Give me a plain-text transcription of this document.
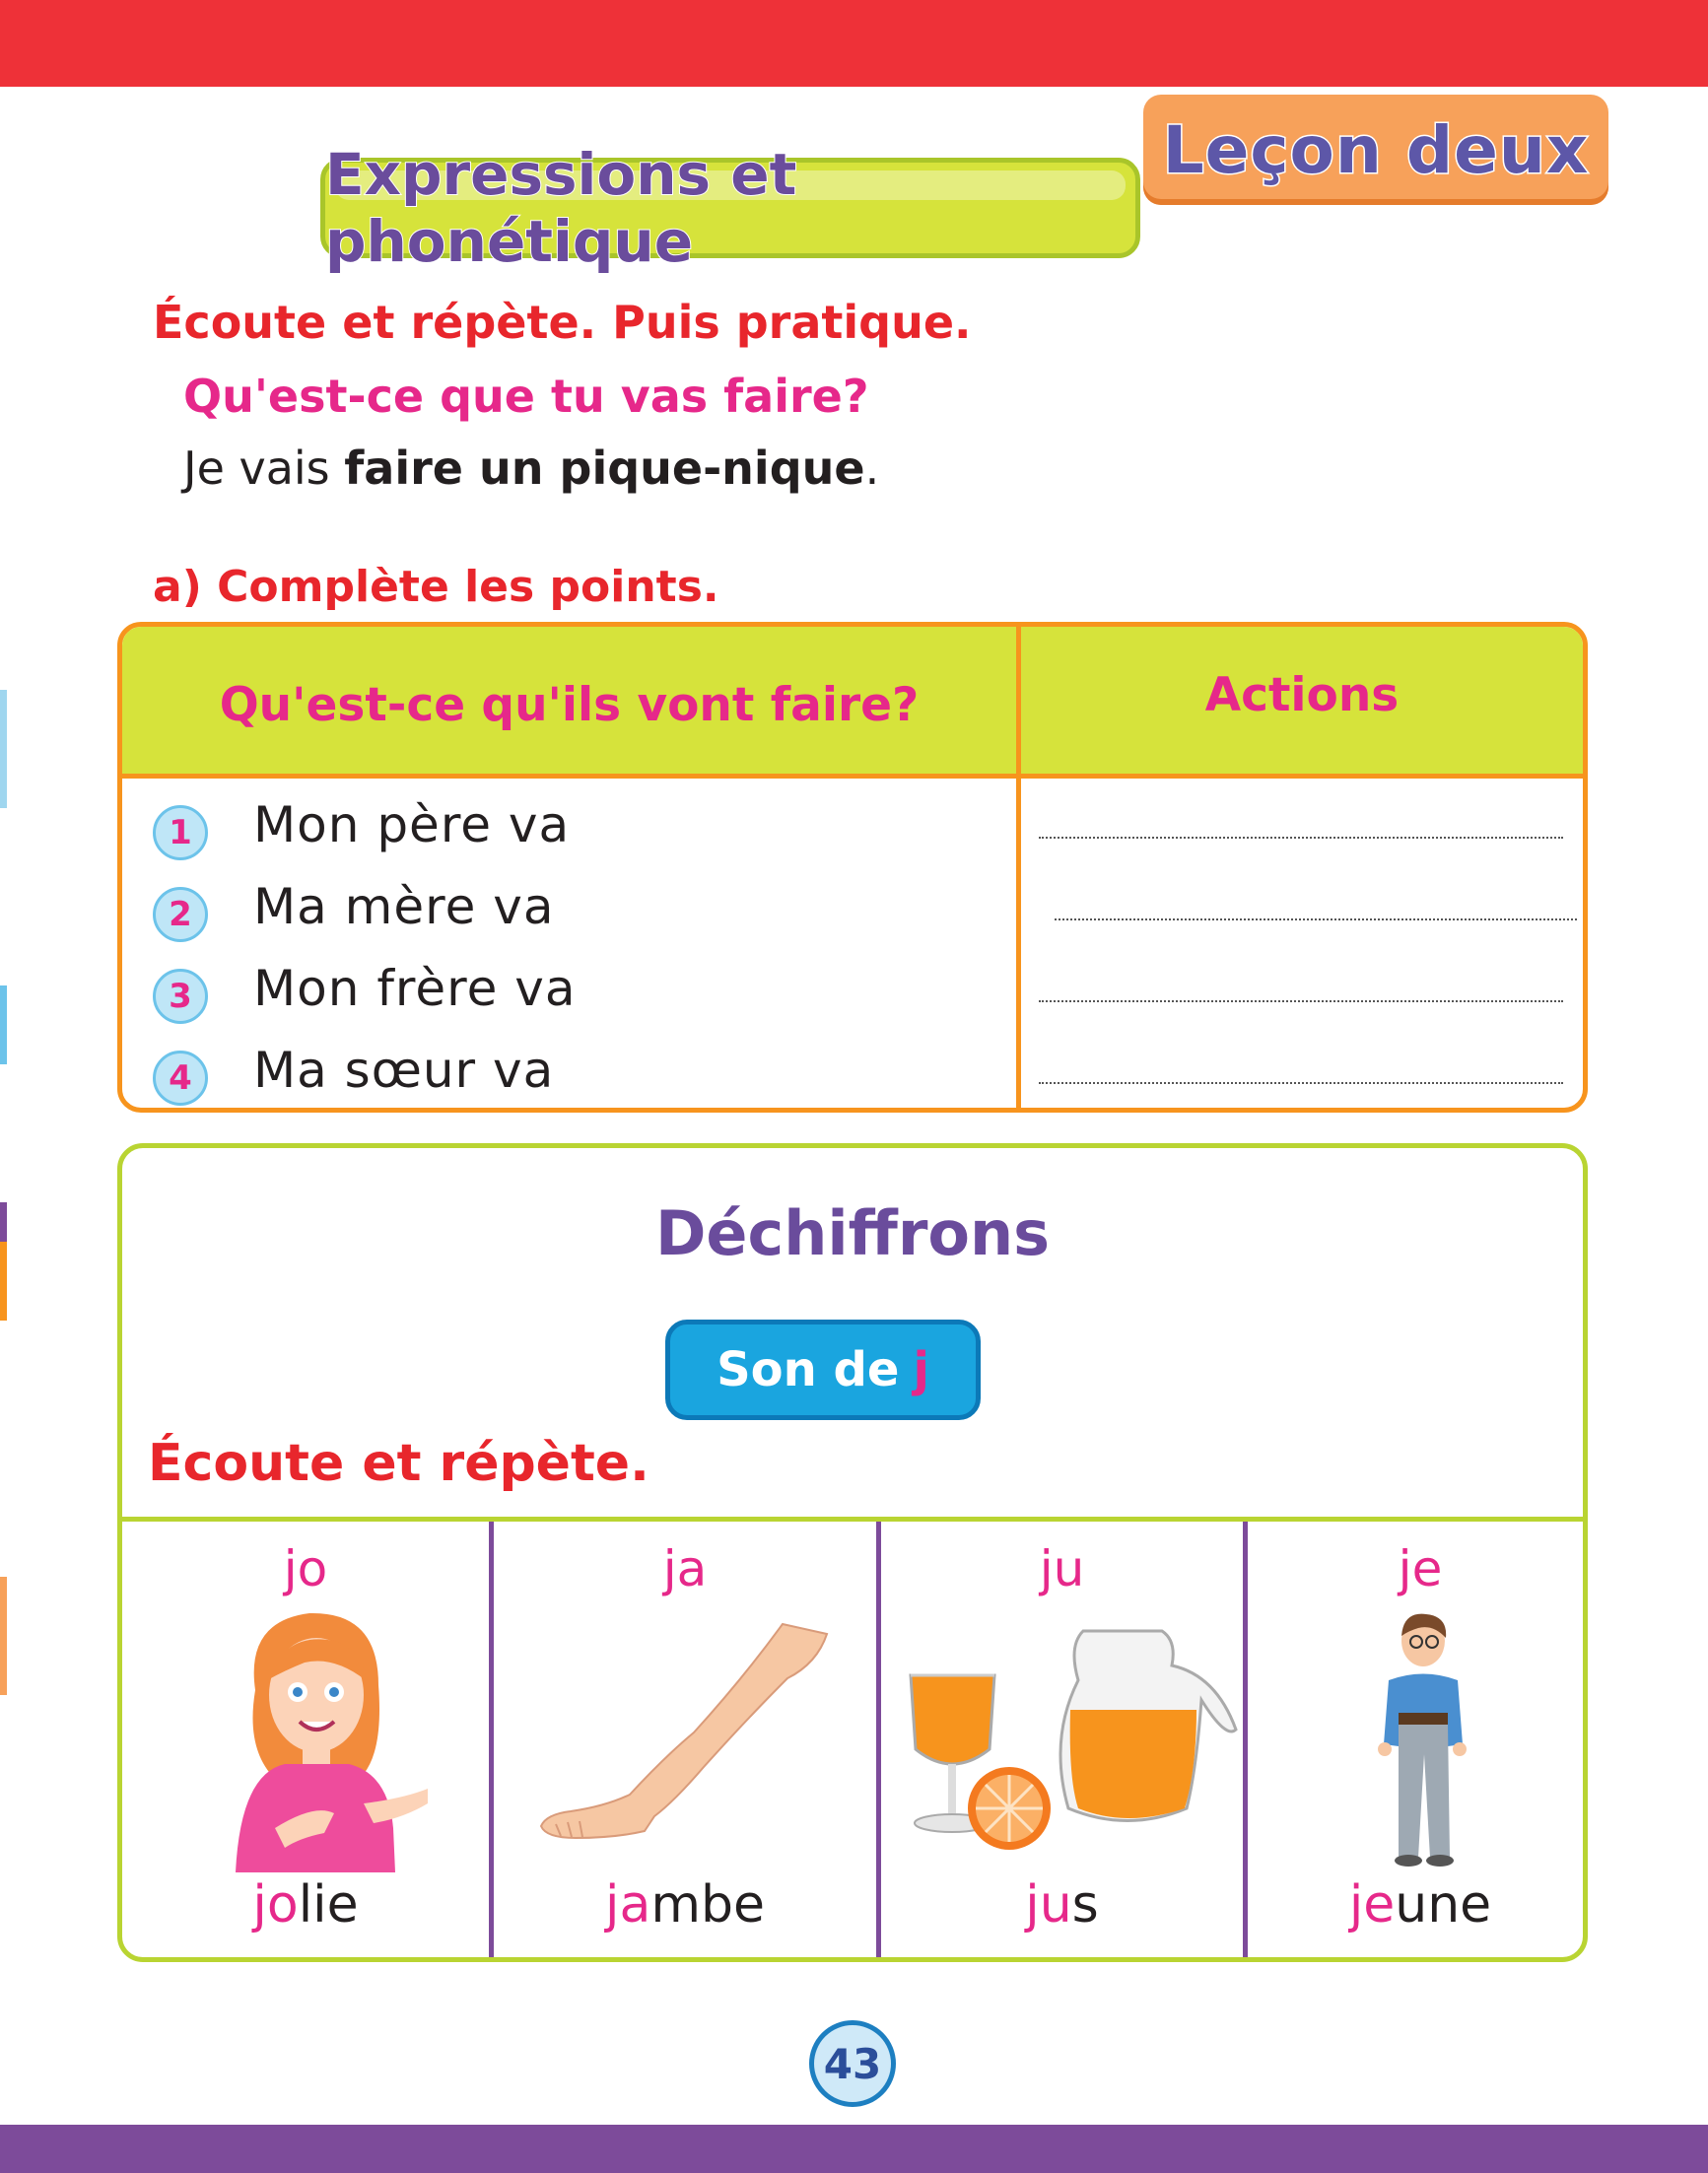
Leçon deux
Expressions et phonétique
Écoute et répète. Puis pratique.
Qu'est-ce que tu vas faire?
Je vais faire un pique-nique.
a) Complète les points.
Qu'est-ce qu'ils vont faire?	Actions
1	Mon père va
2	Ma mère va
3	Mon frère va
4	Ma sœur va
Déchiffrons
Son de j
Écoute et répète.
jo
jolie
ja
jambe
ju
jus
je
jeune
43
